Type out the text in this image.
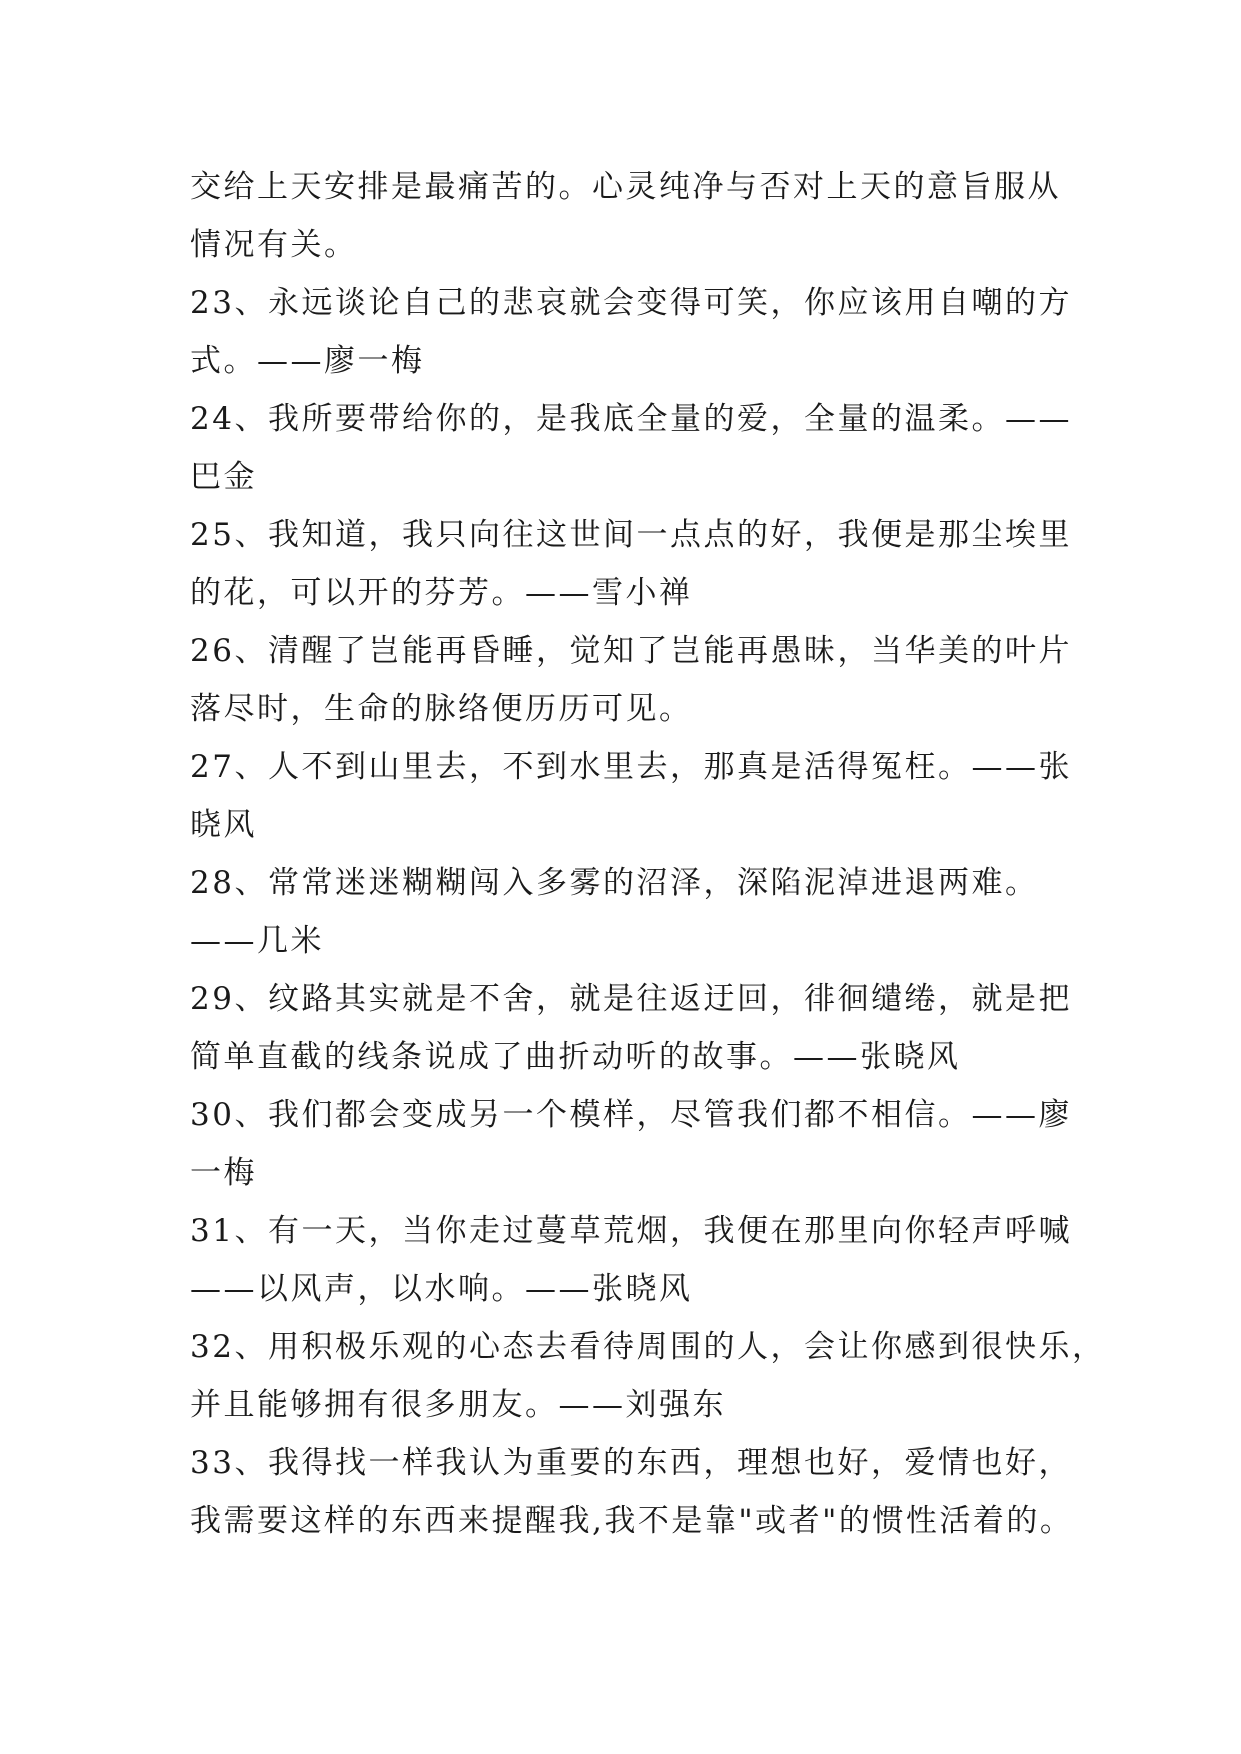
交给上天安排是最痛苦的。心灵纯净与否对上天的意旨服从
情况有关。
23、永远谈论自己的悲哀就会变得可笑，你应该用自嘲的方
式。——廖一梅
24、我所要带给你的，是我底全量的爱，全量的温柔。——
巴金
25、我知道，我只向往这世间一点点的好，我便是那尘埃里
的花，可以开的芬芳。——雪小禅
26、清醒了岂能再昏睡，觉知了岂能再愚昧，当华美的叶片
落尽时，生命的脉络便历历可见。
27、人不到山里去，不到水里去，那真是活得冤枉。——张
晓风
28、常常迷迷糊糊闯入多雾的沼泽，深陷泥淖进退两难。
——几米
29、纹路其实就是不舍，就是往返迂回，徘徊缱绻，就是把
简单直截的线条说成了曲折动听的故事。——张晓风
30、我们都会变成另一个模样，尽管我们都不相信。——廖
一梅
31、有一天，当你走过蔓草荒烟，我便在那里向你轻声呼喊
——以风声，以水响。——张晓风
32、用积极乐观的心态去看待周围的人，会让你感到很快乐，
并且能够拥有很多朋友。——刘强东
33、我得找一样我认为重要的东西，理想也好，爱情也好，
我需要这样的东西来提醒我,我不是靠"或者"的惯性活着的。
